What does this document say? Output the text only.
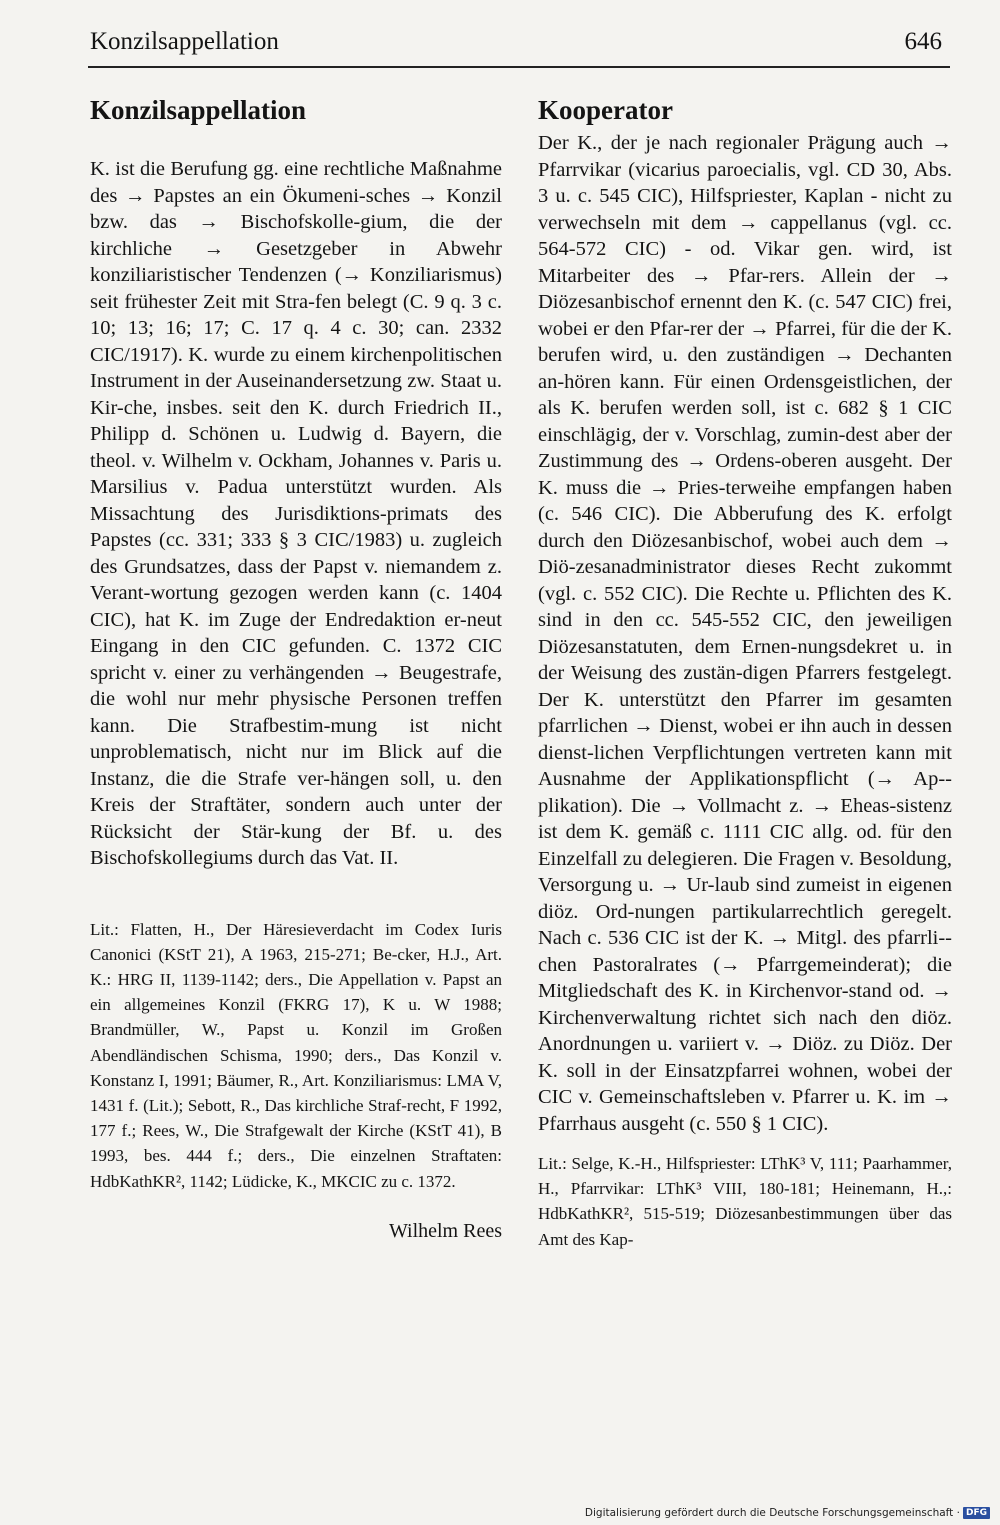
Konzilsappellation	646
Konzilsappellation

K. ist die Berufung gg. eine rechtliche Maßnahme des → Papstes an ein Ökumeni-sches → Konzil bzw. das → Bischofskolle-gium, die der kirchliche → Gesetzgeber in Abwehr konziliaristischer Tendenzen (→ Konziliarismus) seit frühester Zeit mit Stra-fen belegt (C. 9 q. 3 c. 10; 13; 16; 17; C. 17 q. 4 c. 30; can. 2332 CIC/1917). K. wurde zu einem kirchenpolitischen Instrument in der Auseinandersetzung zw. Staat u. Kir-che, insbes. seit den K. durch Friedrich II., Philipp d. Schönen u. Ludwig d. Bayern, die theol. v. Wilhelm v. Ockham, Johannes v. Paris u. Marsilius v. Padua unterstützt wurden. Als Missachtung des Jurisdiktions-primats des Papstes (cc. 331; 333 § 3 CIC/1983) u. zugleich des Grundsatzes, dass der Papst v. niemandem z. Verant-wortung gezogen werden kann (c. 1404 CIC), hat K. im Zuge der Endredaktion er-neut Eingang in den CIC gefunden. C. 1372 CIC spricht v. einer zu verhängenden → Beugestrafe, die wohl nur mehr physische Personen treffen kann. Die Strafbestim-mung ist nicht unproblematisch, nicht nur im Blick auf die Instanz, die die Strafe ver-hängen soll, u. den Kreis der Straftäter, sondern auch unter der Rücksicht der Stär-kung der Bf. u. des Bischofskollegiums durch das Vat. II.

Lit.: Flatten, H., Der Häresieverdacht im Codex Iuris Canonici (KStT 21), A 1963, 215-271; Be-cker, H.J., Art. K.: HRG II, 1139-1142; ders., Die Appellation v. Papst an ein allgemeines Konzil (FKRG 17), K u. W 1988; Brandmüller, W., Papst u. Konzil im Großen Abendländischen Schisma, 1990; ders., Das Konzil v. Konstanz I, 1991; Bäumer, R., Art. Konziliarismus: LMA V, 1431 f. (Lit.); Sebott, R., Das kirchliche Straf-recht, F 1992, 177 f.; Rees, W., Die Strafgewalt der Kirche (KStT 41), B 1993, bes. 444 f.; ders., Die einzelnen Straftaten: HdbKathKR², 1142; Lüdicke, K., MKCIC zu c. 1372.

Wilhelm Rees
Kooperator

Der K., der je nach regionaler Prägung auch → Pfarrvikar (vicarius paroecialis, vgl. CD 30, Abs. 3 u. c. 545 CIC), Hilfspriester, Kaplan - nicht zu verwechseln mit dem → cappellanus (vgl. cc. 564-572 CIC) - od. Vikar gen. wird, ist Mitarbeiter des → Pfar-rers. Allein der → Diözesanbischof ernennt den K. (c. 547 CIC) frei, wobei er den Pfar-rer der → Pfarrei, für die der K. berufen wird, u. den zuständigen → Dechanten an-hören kann. Für einen Ordensgeistlichen, der als K. berufen werden soll, ist c. 682 § 1 CIC einschlägig, der v. Vorschlag, zumin-dest aber der Zustimmung des → Ordens-oberen ausgeht. Der K. muss die → Pries-terweihe empfangen haben (c. 546 CIC). Die Abberufung des K. erfolgt durch den Diözesanbischof, wobei auch dem → Diö-zesanadministrator dieses Recht zukommt (vgl. c. 552 CIC). Die Rechte u. Pflichten des K. sind in den cc. 545-552 CIC, den jeweiligen Diözesanstatuten, dem Ernen-nungsdekret u. in der Weisung des zustän-digen Pfarrers festgelegt. Der K. unterstützt den Pfarrer im gesamten pfarrlichen → Dienst, wobei er ihn auch in dessen dienst-lichen Verpflichtungen vertreten kann mit Ausnahme der Applikationspflicht (→ Ap-plikation). Die → Vollmacht z. → Eheas-sistenz ist dem K. gemäß c. 1111 CIC allg. od. für den Einzelfall zu delegieren. Die Fragen v. Besoldung, Versorgung u. → Ur-laub sind zumeist in eigenen diöz. Ord-nungen partikularrechtlich geregelt. Nach c. 536 CIC ist der K. → Mitgl. des pfarrli-chen Pastoralrates (→ Pfarrgemeinderat); die Mitgliedschaft des K. in Kirchenvor-stand od. → Kirchenverwaltung richtet sich nach den diöz. Anordnungen u. variiert v. → Diöz. zu Diöz. Der K. soll in der Einsatzpfarrei wohnen, wobei der CIC v. Gemeinschaftsleben v. Pfarrer u. K. im → Pfarrhaus ausgeht (c. 550 § 1 CIC).

Lit.: Selge, K.-H., Hilfspriester: LThK³ V, 111; Paarhammer, H., Pfarrvikar: LThK³ VIII, 180-181; Heinemann, H.,: HdbKathKR², 515-519; Diözesanbestimmungen über das Amt des Kap-

Digitalisierung gefördert durch die Deutsche Forschungsgemeinschaft · DFG
